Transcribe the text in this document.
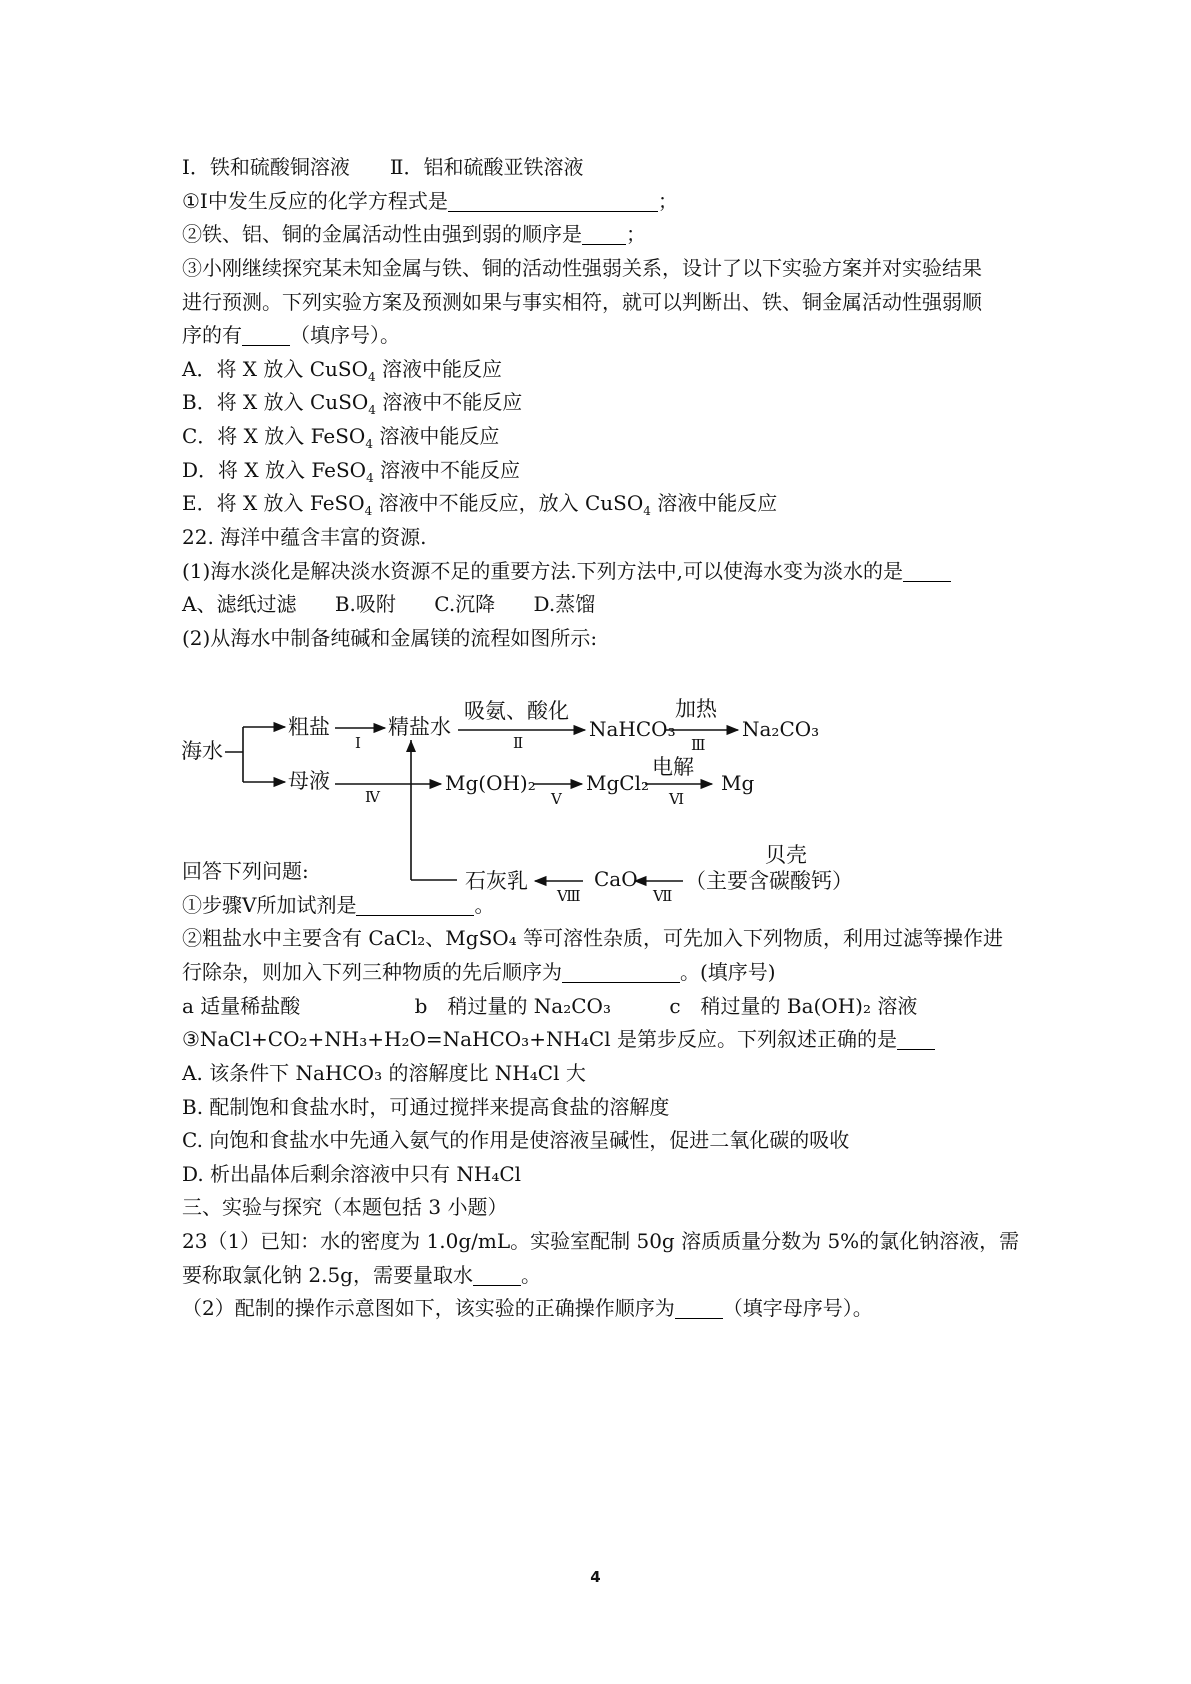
Ⅰ．铁和硫酸铜溶液　　Ⅱ．铝和硫酸亚铁溶液
①Ⅰ中发生反应的化学方程式是	；
②铁、铝、铜的金属活动性由强到弱的顺序是 ；
③小刚继续探究某未知金属与铁、铜的活动性强弱关系，设计了以下实验方案并对实验结果
进行预测。下列实验方案及预测如果与事实相符，就可以判断出、铁、铜金属活动性强弱顺
序的有 （填序号）。
A．将 X 放入 CuSO$_4$ 溶液中能反应
B．将 X 放入 CuSO$_4$ 溶液中不能反应
C．将 X 放入 FeSO$_4$ 溶液中能反应
D．将 X 放入 FeSO$_4$ 溶液中不能反应
E．将 X 放入 FeSO$_4$ 溶液中不能反应，放入 CuSO$_4$ 溶液中能反应
22. 海洋中蕴含丰富的资源.
(1)海水淡化是解决淡水资源不足的重要方法.下列方法中,可以使海水变为淡水的是
A、滤纸过滤 B.吸附 C.沉降 D.蒸馏
(2)从海水中制备纯碱和金属镁的流程如图所示:
海水
粗盐
Ⅰ
精盐水
吸氨、酸化
Ⅱ
NaHCO₃
加热
Ⅲ
Na₂CO₃
母液
Ⅳ
Mg(OH)₂
Ⅴ
MgCl₂
电解
Ⅵ
Mg
石灰乳
Ⅷ
CaO
Ⅶ
贝壳
（主要含碳酸钙）
回答下列问题:
①步骤Ⅴ所加试剂是	。
②粗盐水中主要含有 CaCl₂、MgSO₄ 等可溶性杂质，可先加入下列物质，利用过滤等操作进
行除杂，则加入下列三种物质的先后顺序为	。(填序号)
a 适量稀盐酸	b　稍过量的 Na₂CO₃	c　稍过量的 Ba(OH)₂ 溶液
③NaCl+CO₂+NH₃+H₂O=NaHCO₃+NH₄Cl 是第步反应。下列叙述正确的是
A. 该条件下 NaHCO₃ 的溶解度比 NH₄Cl 大
B. 配制饱和食盐水时，可通过搅拌来提高食盐的溶解度
C. 向饱和食盐水中先通入氨气的作用是使溶液呈碱性，促进二氧化碳的吸收
D. 析出晶体后剩余溶液中只有 NH₄Cl
三、实验与探究（本题包括 3 小题）
23（1）已知：水的密度为 1.0g/mL。实验室配制 50g 溶质质量分数为 5%的氯化钠溶液，需
要称取氯化钠 2.5g，需要量取水 。
（2）配制的操作示意图如下，该实验的正确操作顺序为 （填字母序号）。
4
